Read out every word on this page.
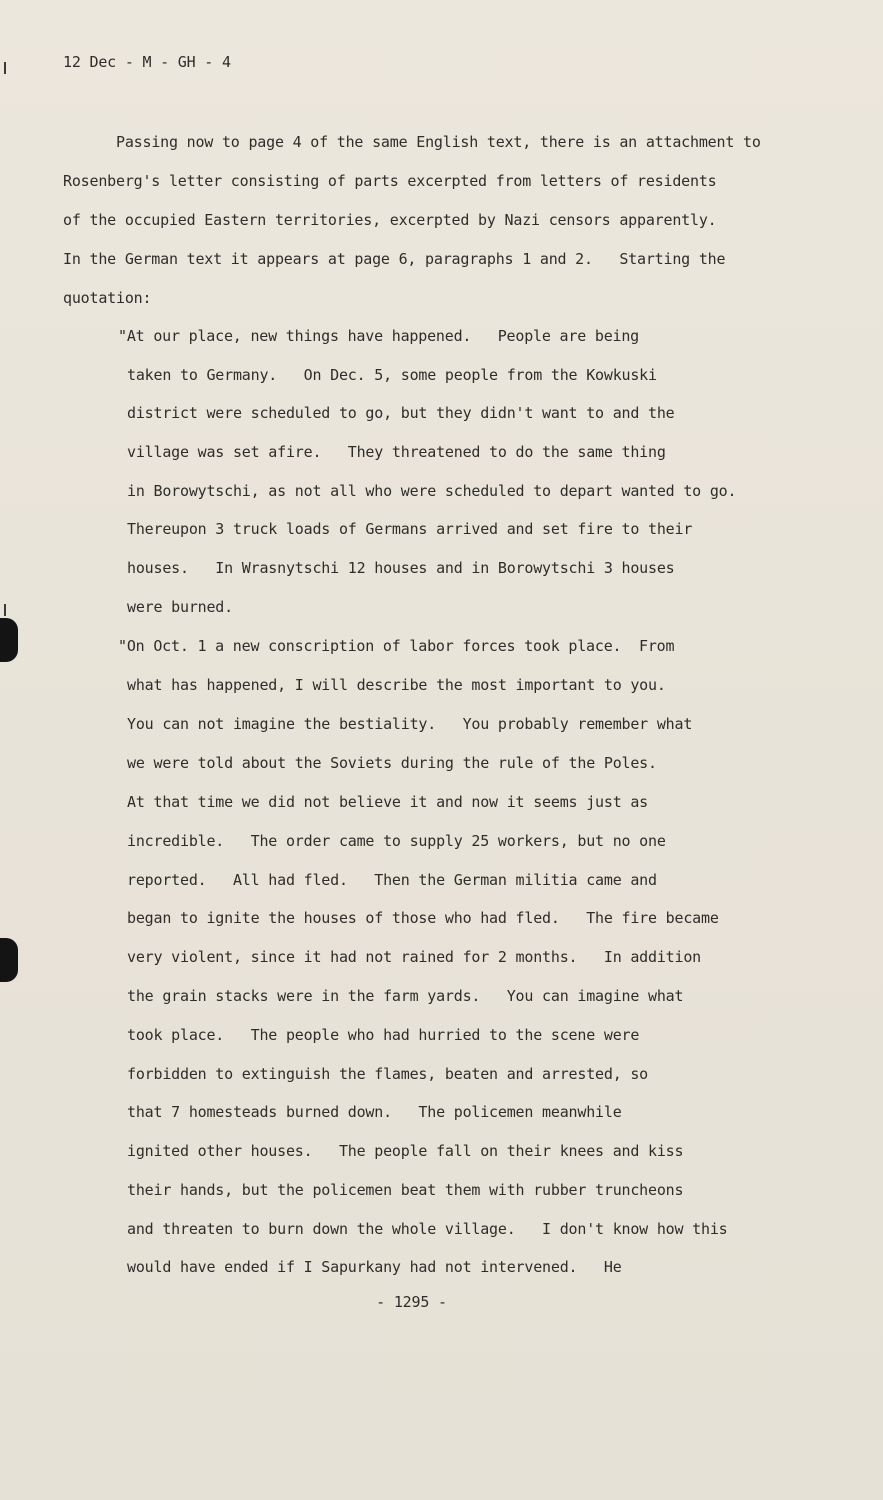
12 Dec - M - GH - 4
Passing now to page 4 of the same English text, there is an attachment to
Rosenberg's letter consisting of parts excerpted from letters of residents
of the occupied Eastern territories, excerpted by Nazi censors apparently.
In the German text it appears at page 6, paragraphs 1 and 2.   Starting the
quotation:
"At our place, new things have happened.   People are being
taken to Germany.   On Dec. 5, some people from the Kowkuski
district were scheduled to go, but they didn't want to and the
village was set afire.   They threatened to do the same thing
in Borowytschi, as not all who were scheduled to depart wanted to go.
Thereupon 3 truck loads of Germans arrived and set fire to their
houses.   In Wrasnytschi 12 houses and in Borowytschi 3 houses
were burned.
"On Oct. 1 a new conscription of labor forces took place.  From
what has happened, I will describe the most important to you.
You can not imagine the bestiality.   You probably remember what
we were told about the Soviets during the rule of the Poles.
At that time we did not believe it and now it seems just as
incredible.   The order came to supply 25 workers, but no one
reported.   All had fled.   Then the German militia came and
began to ignite the houses of those who had fled.   The fire became
very violent, since it had not rained for 2 months.   In addition
the grain stacks were in the farm yards.   You can imagine what
took place.   The people who had hurried to the scene were
forbidden to extinguish the flames, beaten and arrested, so
that 7 homesteads burned down.   The policemen meanwhile
ignited other houses.   The people fall on their knees and kiss
their hands, but the policemen beat them with rubber truncheons
and threaten to burn down the whole village.   I don't know how this
would have ended if I Sapurkany had not intervened.   He
- 1295 -
